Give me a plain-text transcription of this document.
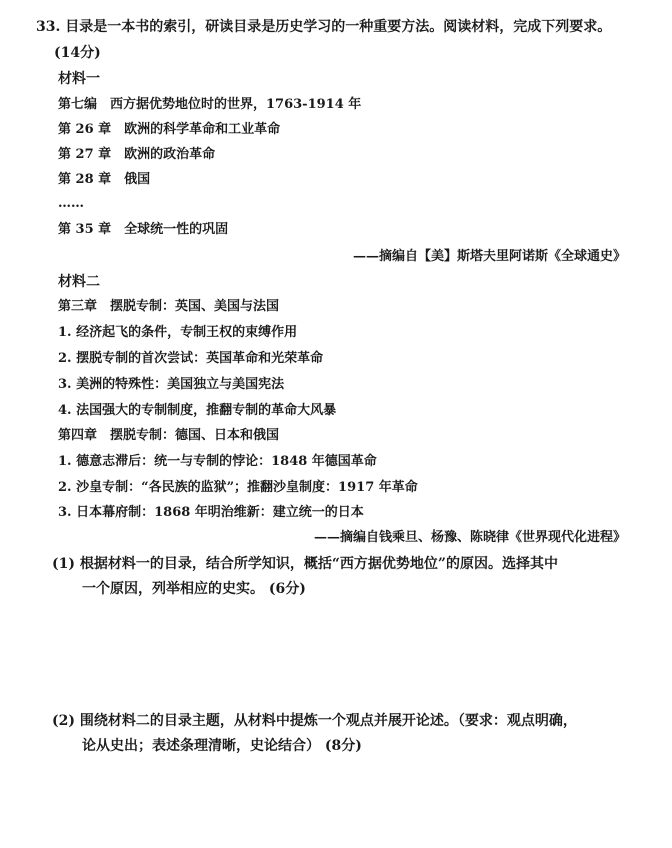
33. 目录是一本书的索引，研读目录是历史学习的一种重要方法。阅读材料，完成下列要求。
(14分)
材料一
第七编　西方据优势地位时的世界，1763-1914 年
第 26 章　欧洲的科学革命和工业革命
第 27 章　欧洲的政治革命
第 28 章　俄国
……
第 35 章　全球统一性的巩固
——摘编自【美】斯塔夫里阿诺斯《全球通史》
材料二
第三章　摆脱专制：英国、美国与法国
1. 经济起飞的条件，专制王权的束缚作用
2. 摆脱专制的首次尝试：英国革命和光荣革命
3. 美洲的特殊性：美国独立与美国宪法
4. 法国强大的专制制度，推翻专制的革命大风暴
第四章　摆脱专制：德国、日本和俄国
1. 德意志滞后：统一与专制的悖论：1848 年德国革命
2. 沙皇专制：“各民族的监狱”；推翻沙皇制度：1917 年革命
3. 日本幕府制：1868 年明治维新：建立统一的日本
——摘编自钱乘旦、杨豫、陈晓律《世界现代化进程》
(1) 根据材料一的目录，结合所学知识，概括“西方据优势地位”的原因。选择其中
一个原因，列举相应的史实。 (6分)
(2) 围绕材料二的目录主题，从材料中提炼一个观点并展开论述。（要求：观点明确，
论从史出；表述条理清晰，史论结合） (8分)
